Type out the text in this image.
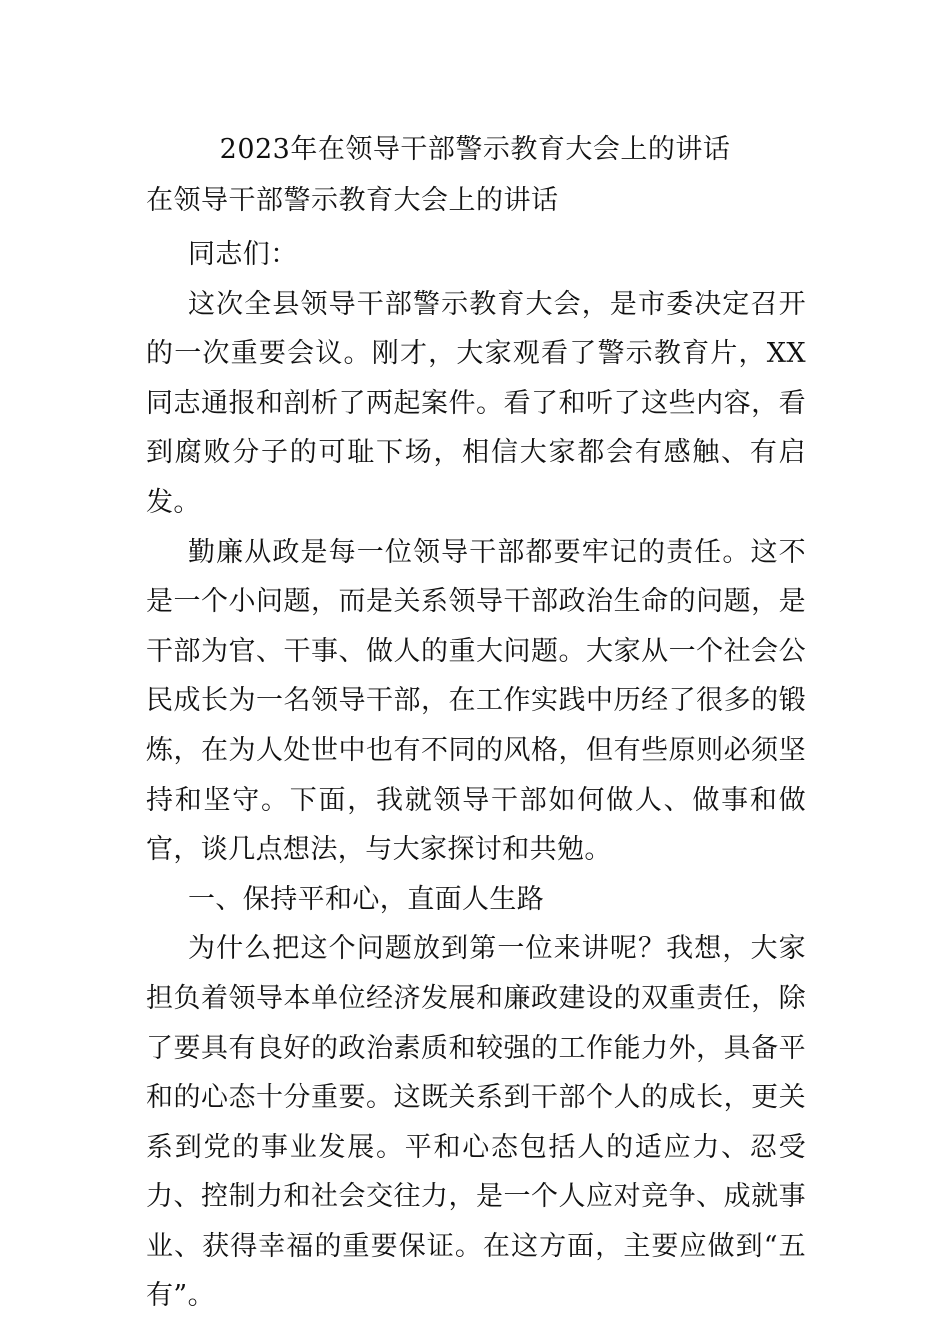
2023年在领导干部警示教育大会上的讲话
在领导干部警示教育大会上的讲话

同志们：

这次全县领导干部警示教育大会，是市委决定召开的一次重要会议。刚才，大家观看了警示教育片，XX同志通报和剖析了两起案件。看了和听了这些内容，看到腐败分子的可耻下场，相信大家都会有感触、有启发。

勤廉从政是每一位领导干部都要牢记的责任。这不是一个小问题，而是关系领导干部政治生命的问题，是干部为官、干事、做人的重大问题。大家从一个社会公民成长为一名领导干部，在工作实践中历经了很多的锻炼，在为人处世中也有不同的风格，但有些原则必须坚持和坚守。下面，我就领导干部如何做人、做事和做官，谈几点想法，与大家探讨和共勉。

一、保持平和心，直面人生路

为什么把这个问题放到第一位来讲呢？我想，大家担负着领导本单位经济发展和廉政建设的双重责任，除了要具有良好的政治素质和较强的工作能力外，具备平和的心态十分重要。这既关系到干部个人的成长，更关系到党的事业发展。平和心态包括人的适应力、忍受力、控制力和社会交往力，是一个人应对竞争、成就事业、获得幸福的重要保证。在这方面，主要应做到“五有”。
